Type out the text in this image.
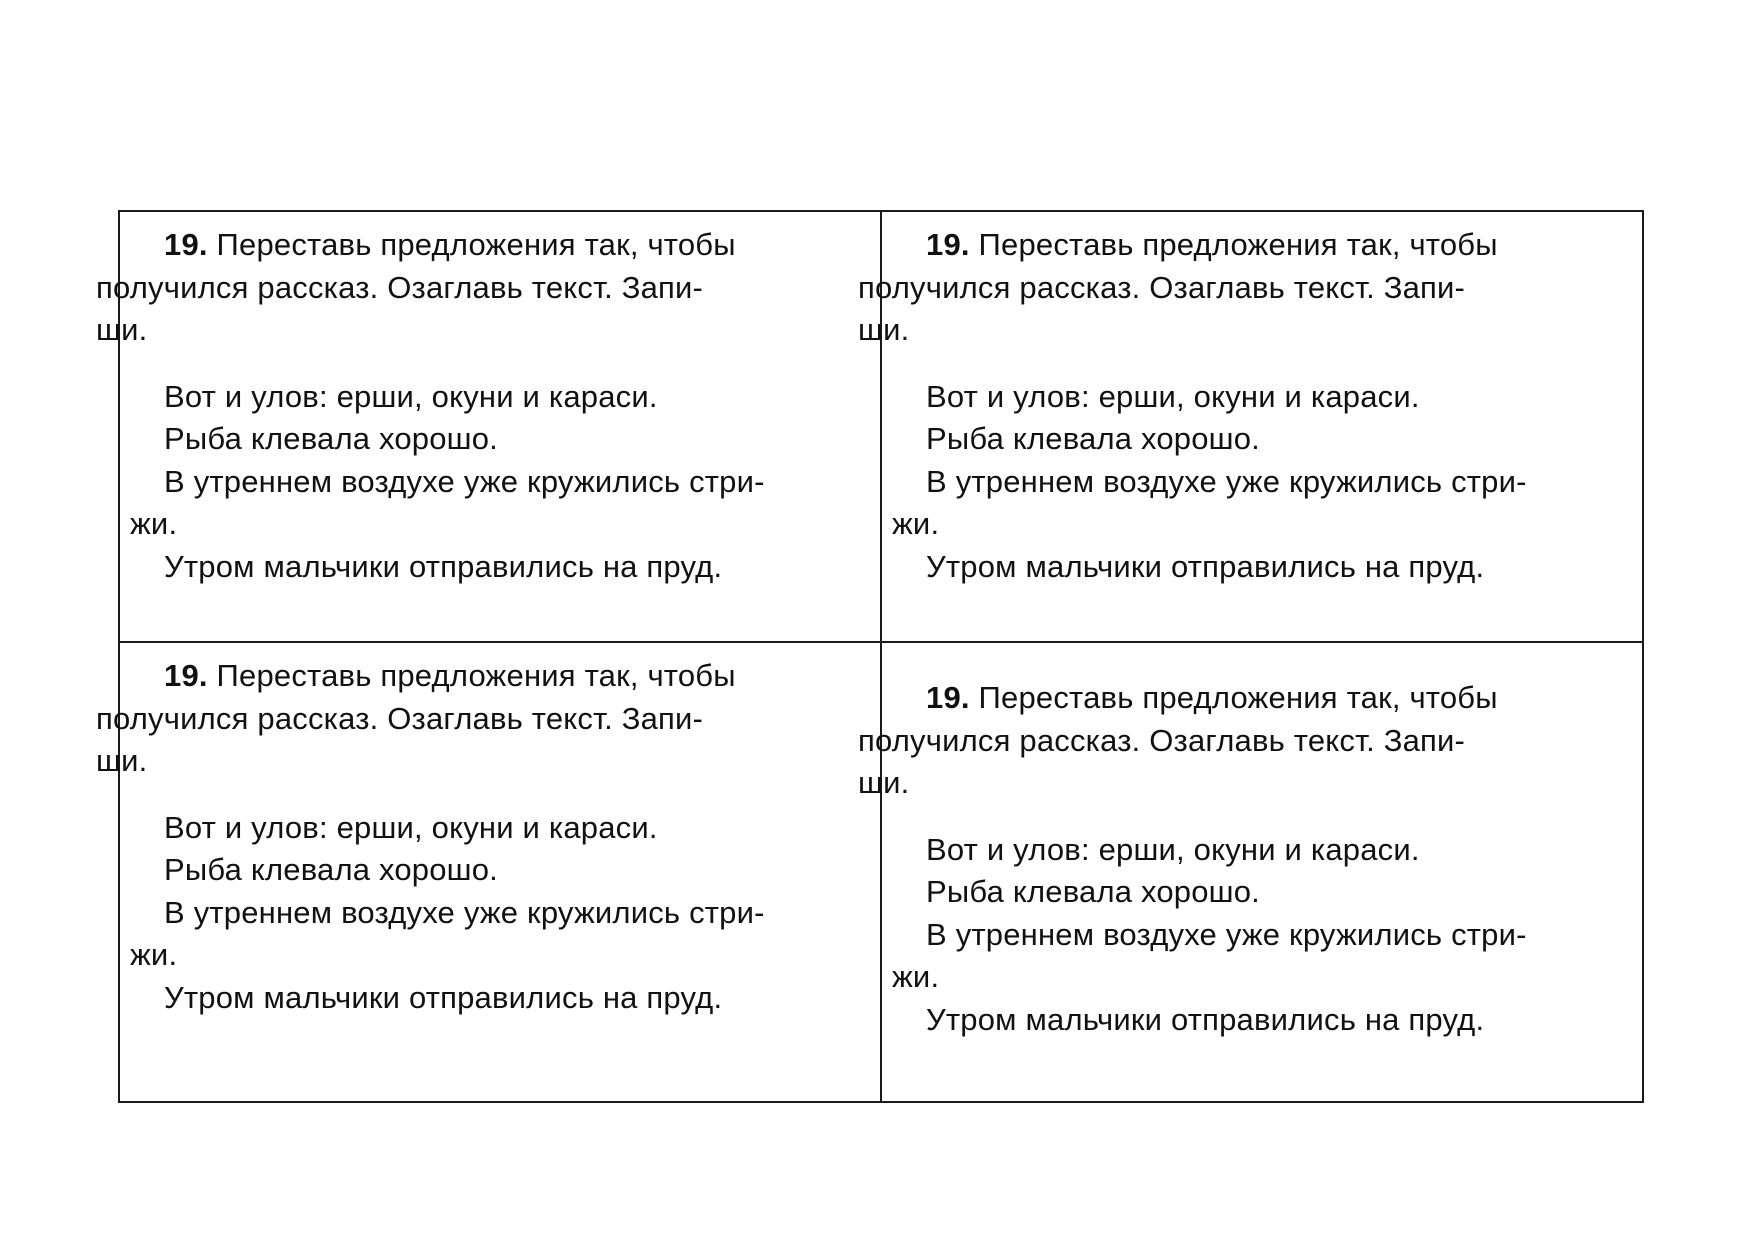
19. Переставь предложения так, чтобы
получился рассказ. Озаглавь текст. Запи-
ши.

Вот и улов: ерши, окуни и караси.

Рыба клевала хорошо.

В утреннем воздухе уже кружились стри-

жи.

Утром мальчики отправились на пруд.

19. Переставь предложения так, чтобы
получился рассказ. Озаглавь текст. Запи-
ши.

Вот и улов: ерши, окуни и караси.

Рыба клевала хорошо.

В утреннем воздухе уже кружились стри-

жи.

Утром мальчики отправились на пруд.

19. Переставь предложения так, чтобы
получился рассказ. Озаглавь текст. Запи-
ши.

Вот и улов: ерши, окуни и караси.

Рыба клевала хорошо.

В утреннем воздухе уже кружились стри-

жи.

Утром мальчики отправились на пруд.

19. Переставь предложения так, чтобы
получился рассказ. Озаглавь текст. Запи-
ши.

Вот и улов: ерши, окуни и караси.

Рыба клевала хорошо.

В утреннем воздухе уже кружились стри-

жи.

Утром мальчики отправились на пруд.
